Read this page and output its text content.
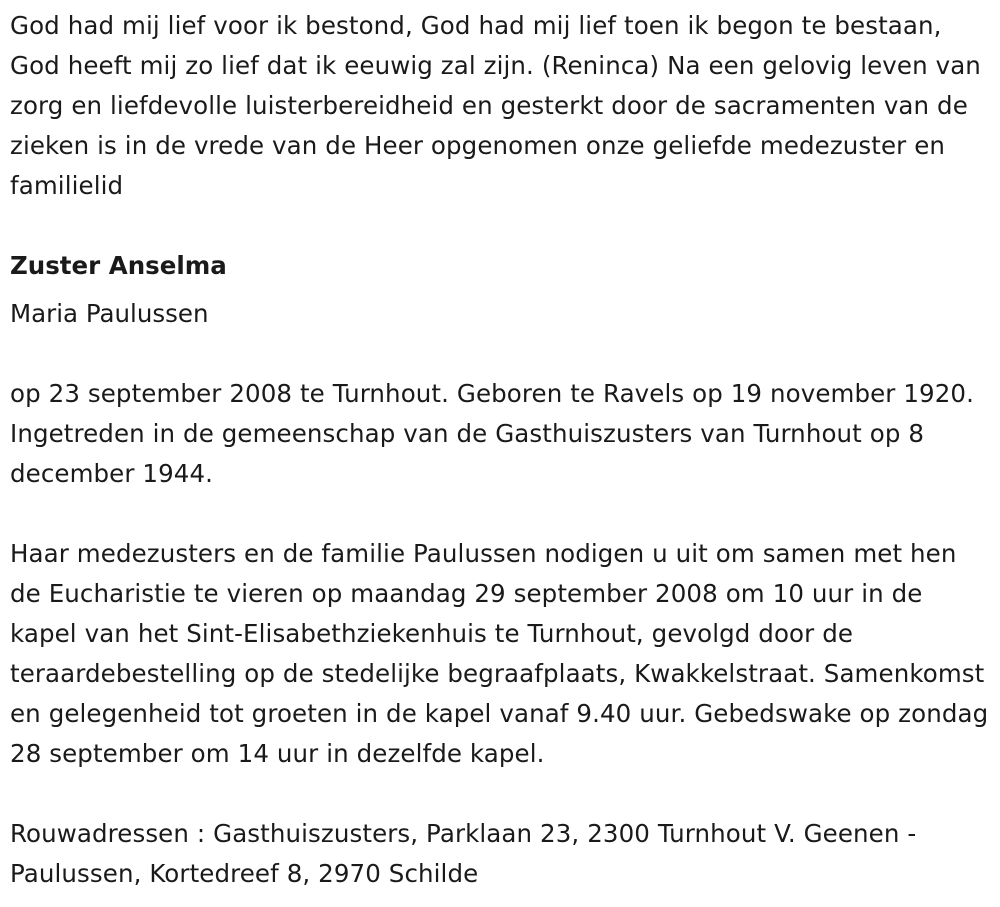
God had mij lief voor ik bestond, God had mij lief toen ik begon te bestaan, God heeft mij zo lief dat ik eeuwig zal zijn. (Renincа) Na een gelovig leven van zorg en liefdevolle luisterbereidheid en gesterkt door de sacramenten van de zieken is in de vrede van de Heer opgenomen onze geliefde medezuster en familielid

Zuster Anselma

Maria Paulussen

op 23 september 2008 te Turnhout. Geboren te Ravels op 19 november 1920. Ingetreden in de gemeenschap van de Gasthuiszusters van Turnhout op 8 december 1944.

Haar medezusters en de familie Paulussen nodigen u uit om samen met hen de Eucharistie te vieren op maandag 29 september 2008 om 10 uur in de kapel van het Sint-Elisabethziekenhuis te Turnhout, gevolgd door de teraardebestelling op de stedelijke begraafplaats, Kwakkelstraat. Samenkomst en gelegenheid tot groeten in de kapel vanaf 9.40 uur. Gebedswake op zondag 28 september om 14 uur in dezelfde kapel.

Rouwadressen : Gasthuiszusters, Parklaan 23, 2300 Turnhout V. Geenen - Paulussen, Kortedreef 8, 2970 Schilde
